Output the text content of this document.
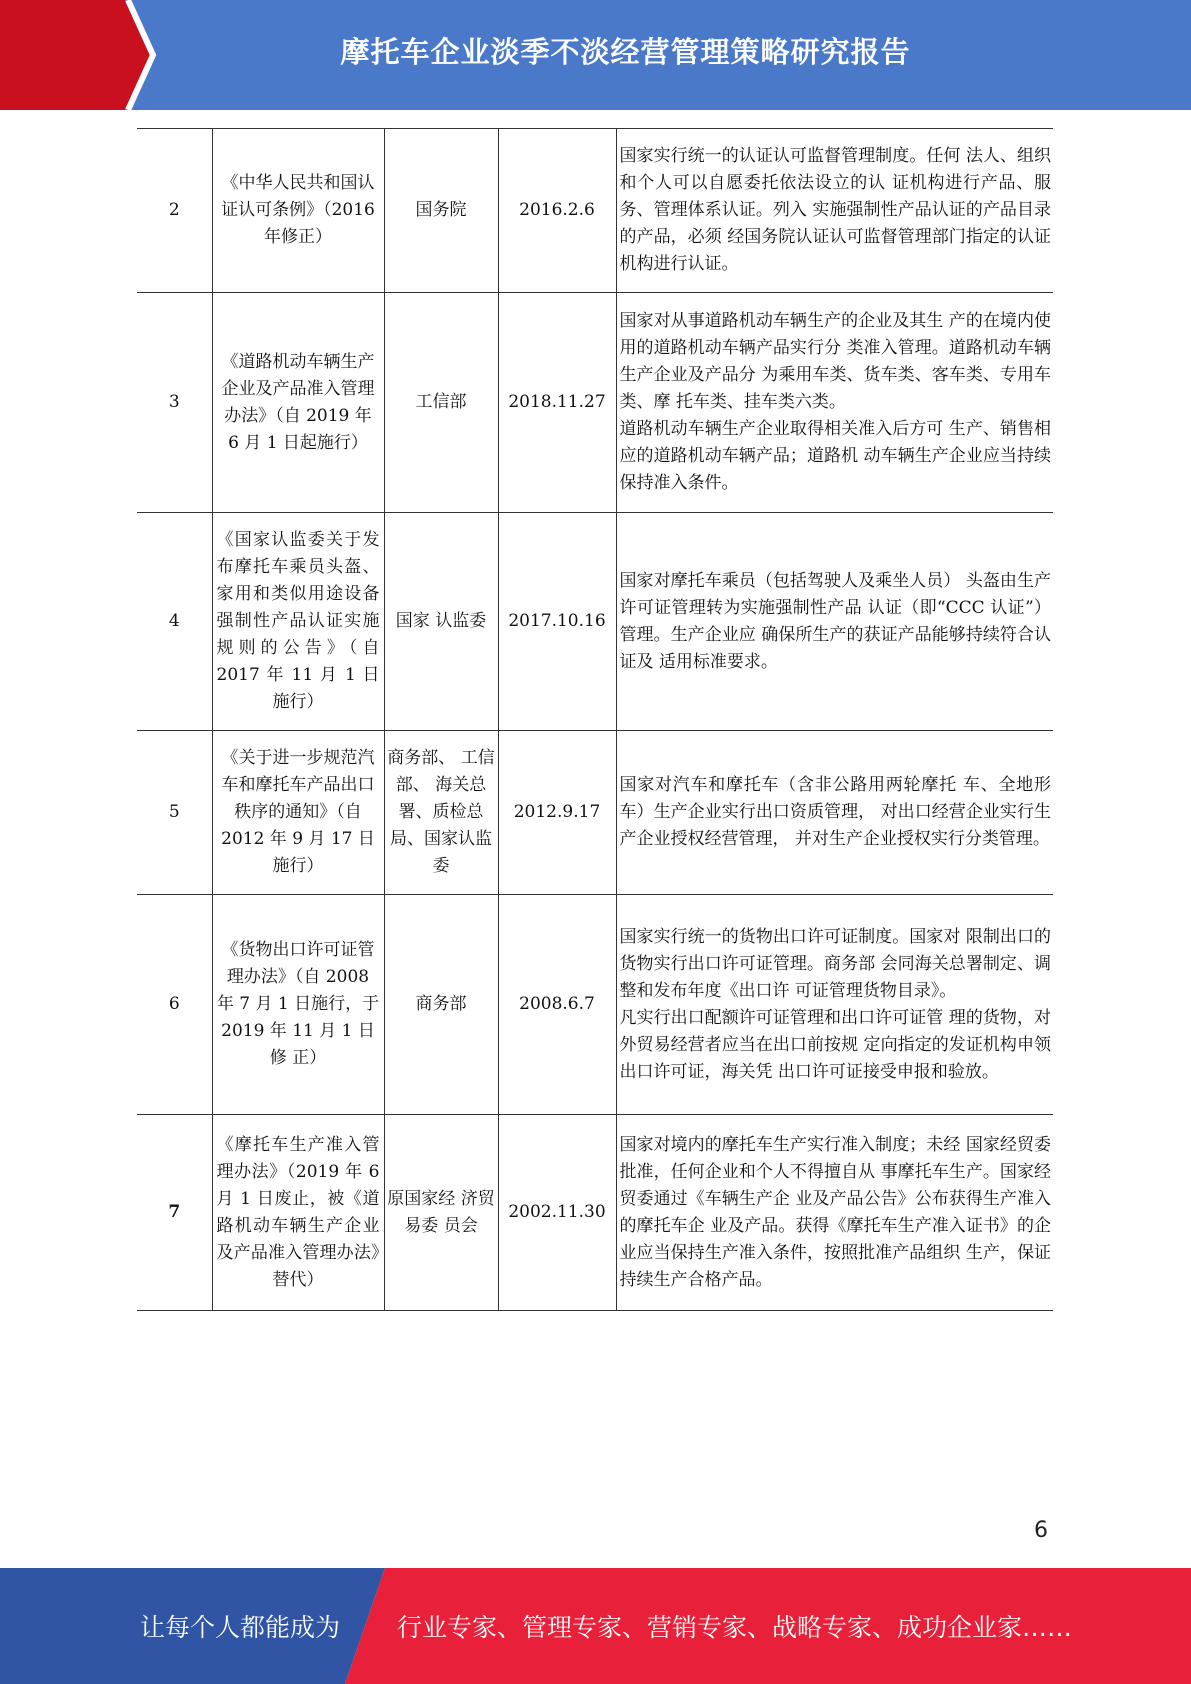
摩托车企业淡季不淡经营管理策略研究报告
2	《中华人民共和国认证认可条例》（2016 年修正）	国务院	2016.2.6	国家实行统一的认证认可监督管理制度。任何 法人、组织和个人可以自愿委托依法设立的认 证机构进行产品、服务、管理体系认证。列入 实施强制性产品认证的产品目录的产品，必须 经国务院认证认可监督管理部门指定的认证 机构进行认证。

3	《道路机动车辆生产企业及产品准入管理办法》（自 2019 年 6 月 1 日起施行）	工信部	2018.11.27	国家对从事道路机动车辆生产的企业及其生 产的在境内使用的道路机动车辆产品实行分 类准入管理。道路机动车辆生产企业及产品分 为乘用车类、货车类、客车类、专用车类、摩 托车类、挂车类六类。

道路机动车辆生产企业取得相关准入后方可 生产、销售相应的道路机动车辆产品；道路机 动车辆生产企业应当持续保持准入条件。

4	《国家认监委关于发布摩托车乘员头盔、家用和类似用途设备强制性产品认证实施规则的公告》（自 2017 年 11 月 1 日施行）	国家 认监委	2017.10.16	国家对摩托车乘员（包括驾驶人及乘坐人员） 头盔由生产许可证管理转为实施强制性产品 认证（即“CCC 认证”）管理。生产企业应 确保所生产的获证产品能够持续符合认证及 适用标准要求。

5	《关于进一步规范汽车和摩托车产品出口秩序的通知》（自 2012 年 9 月 17 日施行）	商务部、 工信部、 海关总署、质检总局、国家认监委	2012.9.17	国家对汽车和摩托车（含非公路用两轮摩托 车、全地形车）生产企业实行出口资质管理， 对出口经营企业实行生产企业授权经营管理， 并对生产企业授权实行分类管理。

6	《货物出口许可证管理办法》（自 2008 年 7 月 1 日施行，于 2019 年 11 月 1 日修 正）	商务部	2008.6.7	国家实行统一的货物出口许可证制度。国家对 限制出口的货物实行出口许可证管理。商务部 会同海关总署制定、调整和发布年度《出口许 可证管理货物目录》。

凡实行出口配额许可证管理和出口许可证管 理的货物，对外贸易经营者应当在出口前按规 定向指定的发证机构申领出口许可证，海关凭 出口许可证接受申报和验放。

7	《摩托车生产准入管理办法》（2019 年 6 月 1 日废止，被《道路机动车辆生产企业及产品准入管理办法》替代）	原国家经 济贸易委 员会	2002.11.30	国家对境内的摩托车生产实行准入制度；未经 国家经贸委批准，任何企业和个人不得擅自从 事摩托车生产。国家经贸委通过《车辆生产企 业及产品公告》公布获得生产准入的摩托车企 业及产品。获得《摩托车生产准入证书》的企 业应当保持生产准入条件，按照批准产品组织 生产，保证持续生产合格产品。

6
让每个人都能成为 行业专家、管理专家、营销专家、战略专家、成功企业家……
